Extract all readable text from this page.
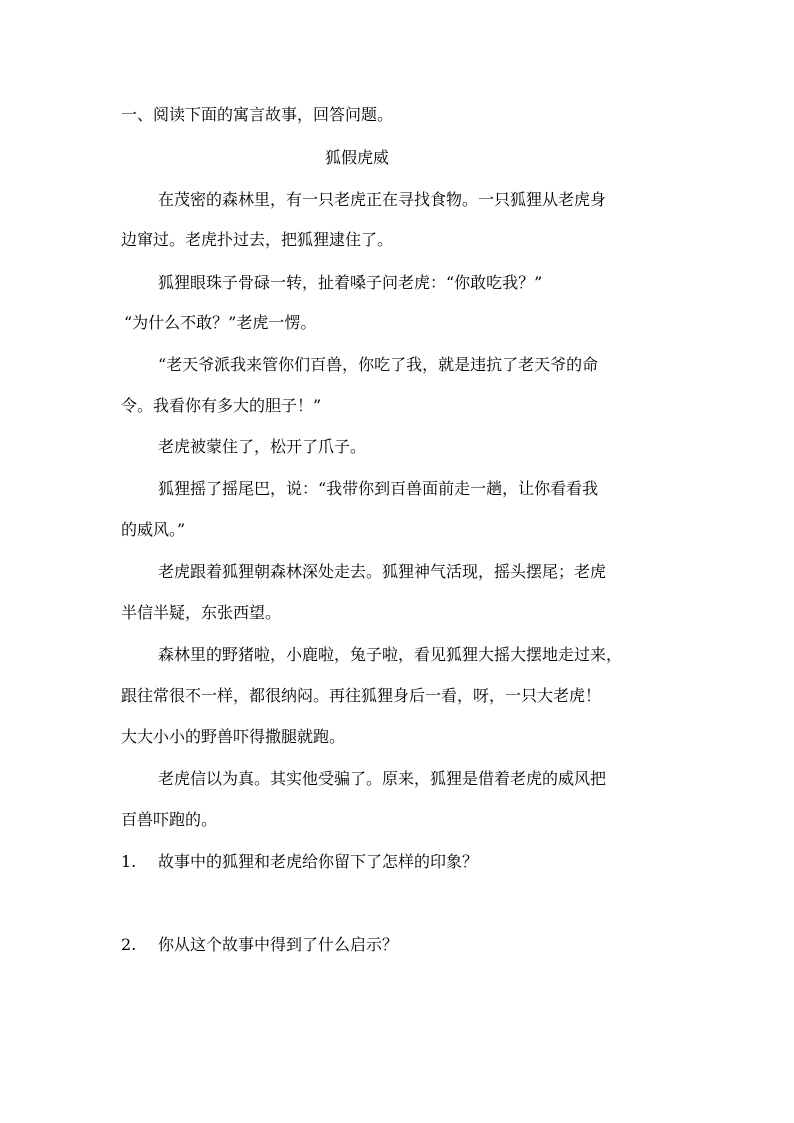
一、阅读下面的寓言故事，回答问题。
狐假虎威
在茂密的森林里，有一只老虎正在寻找食物。一只狐狸从老虎身
边窜过。老虎扑过去，把狐狸逮住了。
狐狸眼珠子骨碌一转，扯着嗓子问老虎：“你敢吃我？”
“为什么不敢？”老虎一愣。
“老天爷派我来管你们百兽，你吃了我，就是违抗了老天爷的命
令。我看你有多大的胆子！”
老虎被蒙住了，松开了爪子。
狐狸摇了摇尾巴，说：“我带你到百兽面前走一趟，让你看看我
的威风。”
老虎跟着狐狸朝森林深处走去。狐狸神气活现，摇头摆尾；老虎
半信半疑，东张西望。
森林里的野猪啦，小鹿啦，兔子啦，看见狐狸大摇大摆地走过来，
跟往常很不一样，都很纳闷。再往狐狸身后一看，呀，一只大老虎！
大大小小的野兽吓得撒腿就跑。
老虎信以为真。其实他受骗了。原来，狐狸是借着老虎的威风把
百兽吓跑的。
1. 故事中的狐狸和老虎给你留下了怎样的印象？
2. 你从这个故事中得到了什么启示？
